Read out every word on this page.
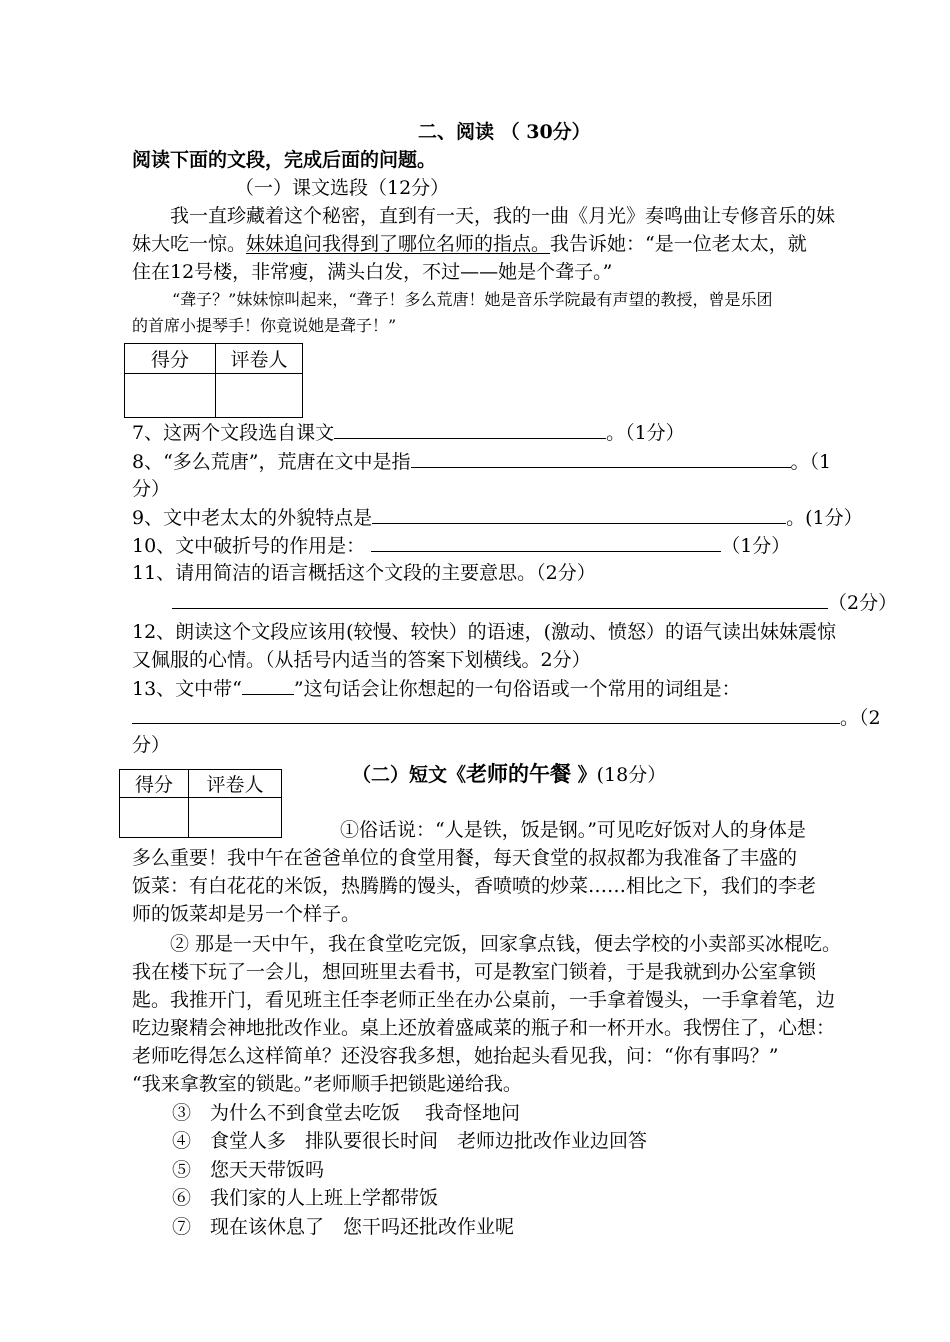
二、阅读 （ 30分）
阅读下面的文段，完成后面的问题。
（一）课文选段（12分）
我一直珍藏着这个秘密，直到有一天，我的一曲《月光》奏鸣曲让专修音乐的妹
妹大吃一惊。妹妹追问我得到了哪位名师的指点。我告诉她：“是一位老太太，就
住在12号楼，非常瘦，满头白发，不过——她是个聋子。”
“聋子？”妹妹惊叫起来，“聋子！多么荒唐！她是音乐学院最有声望的教授，曾是乐团
的首席小提琴手！你竟说她是聋子！”
得分	评卷人

7、这两个文段选自课文	。（1分）
8、“多么荒唐”，荒唐在文中是指	。（1
分）
9、文中老太太的外貌特点是	。(1分）
10、文中破折号的作用是：	（1分）
11、请用简洁的语言概括这个文段的主要意思。（2分）
（2分）
12、朗读这个文段应该用(较慢、较快）的语速，(激动、愤怒）的语气读出妹妹震惊
又佩服的心情。（从括号内适当的答案下划横线。2分）
13、文中带“	”这句话会让你想起的一句俗语或一个常用的词组是：
。（2
分）
得分	评卷人
		（二）短文《老师的午餐 》(18分）
①俗话说：“人是铁，饭是钢。”可见吃好饭对人的身体是
多么重要！我中午在爸爸单位的食堂用餐，每天食堂的叔叔都为我准备了丰盛的
饭菜：有白花花的米饭，热腾腾的馒头，香喷喷的炒菜……相比之下，我们的李老
师的饭菜却是另一个样子。
② 那是一天中午，我在食堂吃完饭，回家拿点钱，便去学校的小卖部买冰棍吃。
我在楼下玩了一会儿，想回班里去看书，可是教室门锁着，于是我就到办公室拿锁
匙。我推开门，看见班主任李老师正坐在办公桌前，一手拿着馒头，一手拿着笔，边
吃边聚精会神地批改作业。桌上还放着盛咸菜的瓶子和一杯开水。我愣住了，心想：
老师吃得怎么这样简单？还没容我多想，她抬起头看见我，问：“你有事吗？”
“我来拿教室的锁匙。”老师顺手把锁匙递给我。
③　为什么不到食堂去吃饭　 我奇怪地问
④　食堂人多　排队要很长时间　老师边批改作业边回答
⑤　您天天带饭吗
⑥　我们家的人上班上学都带饭
⑦　现在该休息了　您干吗还批改作业呢
